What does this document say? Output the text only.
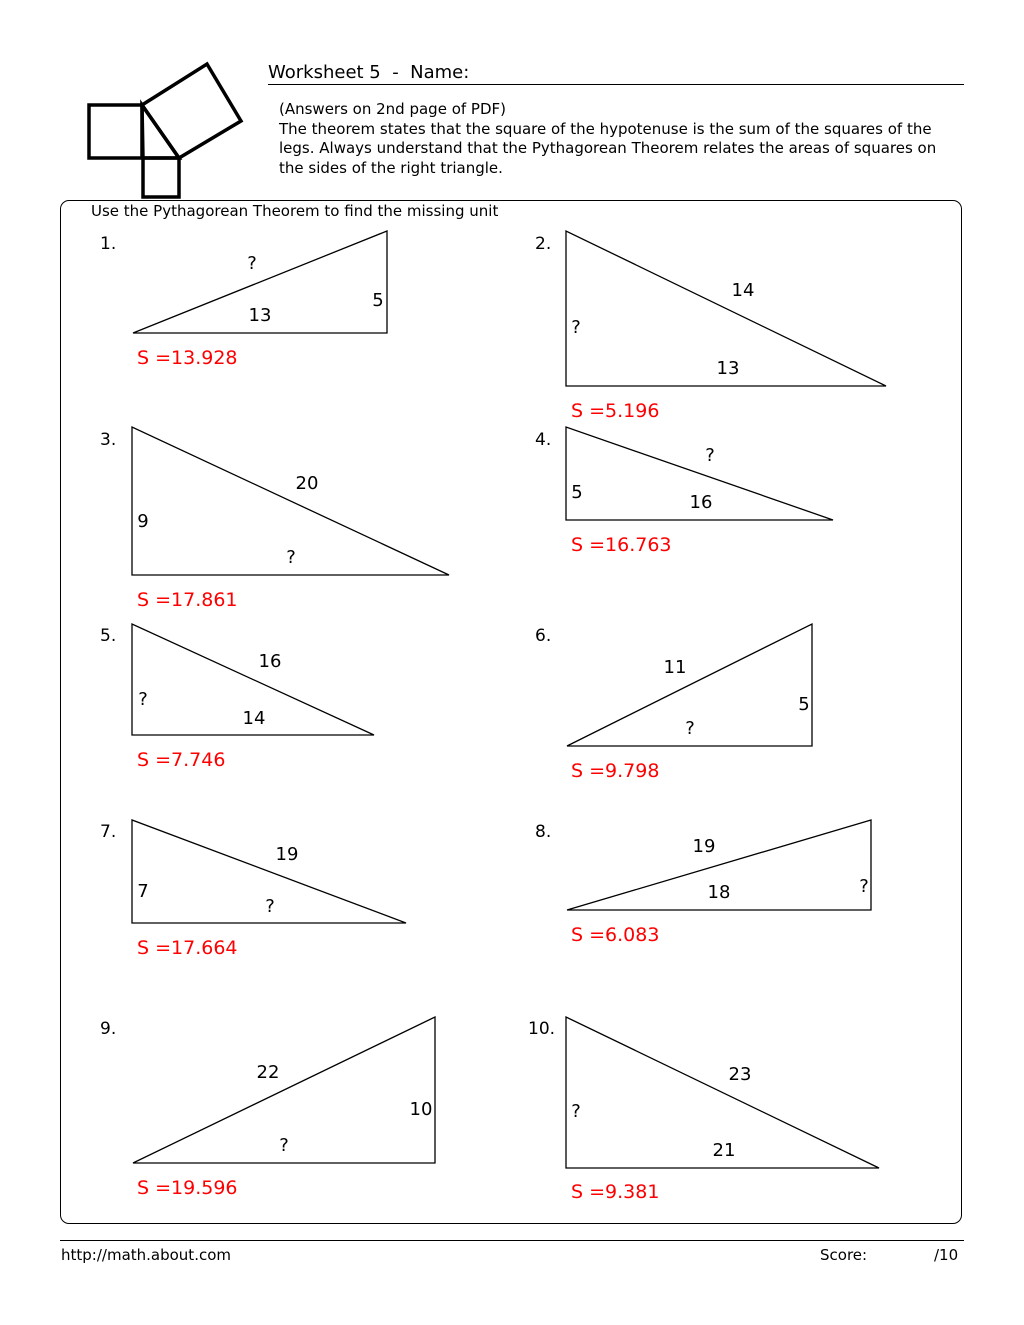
Worksheet 5  -  Name:

(Answers on 2nd page of PDF)

The theorem states that the square of the hypotenuse is the sum of the squares of the legs. Always understand that the Pythagorean Theorem relates the areas of squares on the sides of the right triangle.

Use the Pythagorean Theorem to find the missing unit
1.
?
5
13
S =13.928
2.
14
?
13
S =5.196
3.
20
9
?
S =17.861
4.
?
5	16
S =16.763
5.
16
?
14
S =7.746
6.
11
5
?
S =9.798
7.
19
7
?
S =17.664
8.
19
18	?
S =6.083
9.
22
10
?
S =19.596
10.
23
?
21
S =9.381
http://math.about.com	Score:	/10
